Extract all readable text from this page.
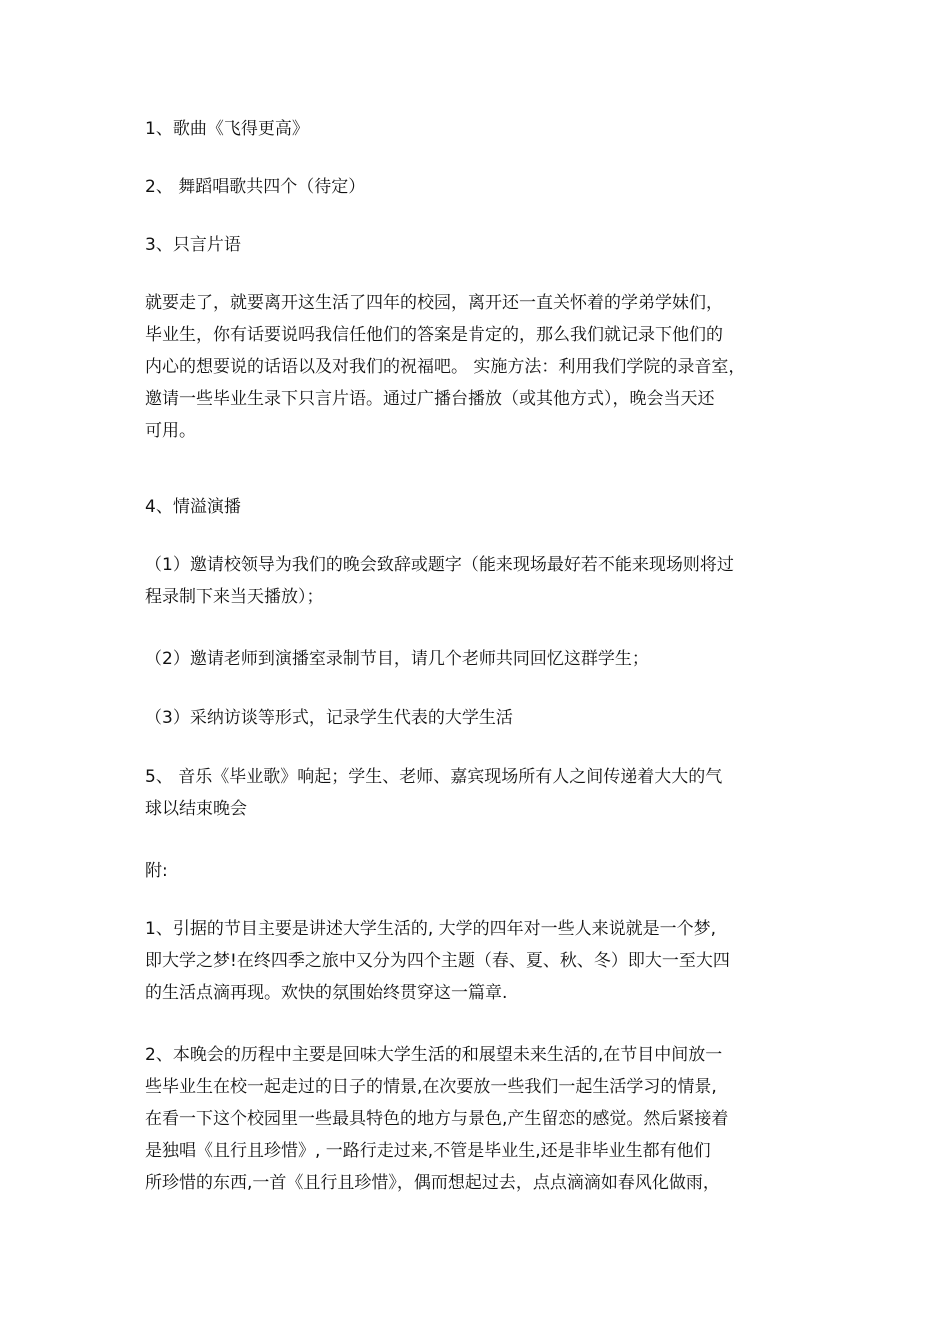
1、歌曲《飞得更高》

2、 舞蹈唱歌共四个（待定）

3、只言片语

就要走了，就要离开这生活了四年的校园，离开还一直关怀着的学弟学妹们，
毕业生，你有话要说吗我信任他们的答案是肯定的，那么我们就记录下他们的
内心的想要说的话语以及对我们的祝福吧。 实施方法：利用我们学院的录音室，
邀请一些毕业生录下只言片语。通过广播台播放（或其他方式），晚会当天还
可用。

4、情溢演播

（1）邀请校领导为我们的晚会致辞或题字（能来现场最好若不能来现场则将过
程录制下来当天播放）；

（2）邀请老师到演播室录制节目，请几个老师共同回忆这群学生；

（3）采纳访谈等形式，记录学生代表的大学生活

5、 音乐《毕业歌》响起；学生、老师、嘉宾现场所有人之间传递着大大的气
球以结束晚会

附:

1、引据的节目主要是讲述大学生活的, 大学的四年对一些人来说就是一个梦,
即大学之梦!在终四季之旅中又分为四个主题（春、夏、秋、冬）即大一至大四
的生活点滴再现。欢快的氛围始终贯穿这一篇章.

2、本晚会的历程中主要是回味大学生活的和展望未来生活的,在节目中间放一
些毕业生在校一起走过的日子的情景,在次要放一些我们一起生活学习的情景,
在看一下这个校园里一些最具特色的地方与景色,产生留恋的感觉。然后紧接着
是独唱《且行且珍惜》, 一路行走过来,不管是毕业生,还是非毕业生都有他们
所珍惜的东西,一首《且行且珍惜》，偶而想起过去，点点滴滴如春风化做雨，
